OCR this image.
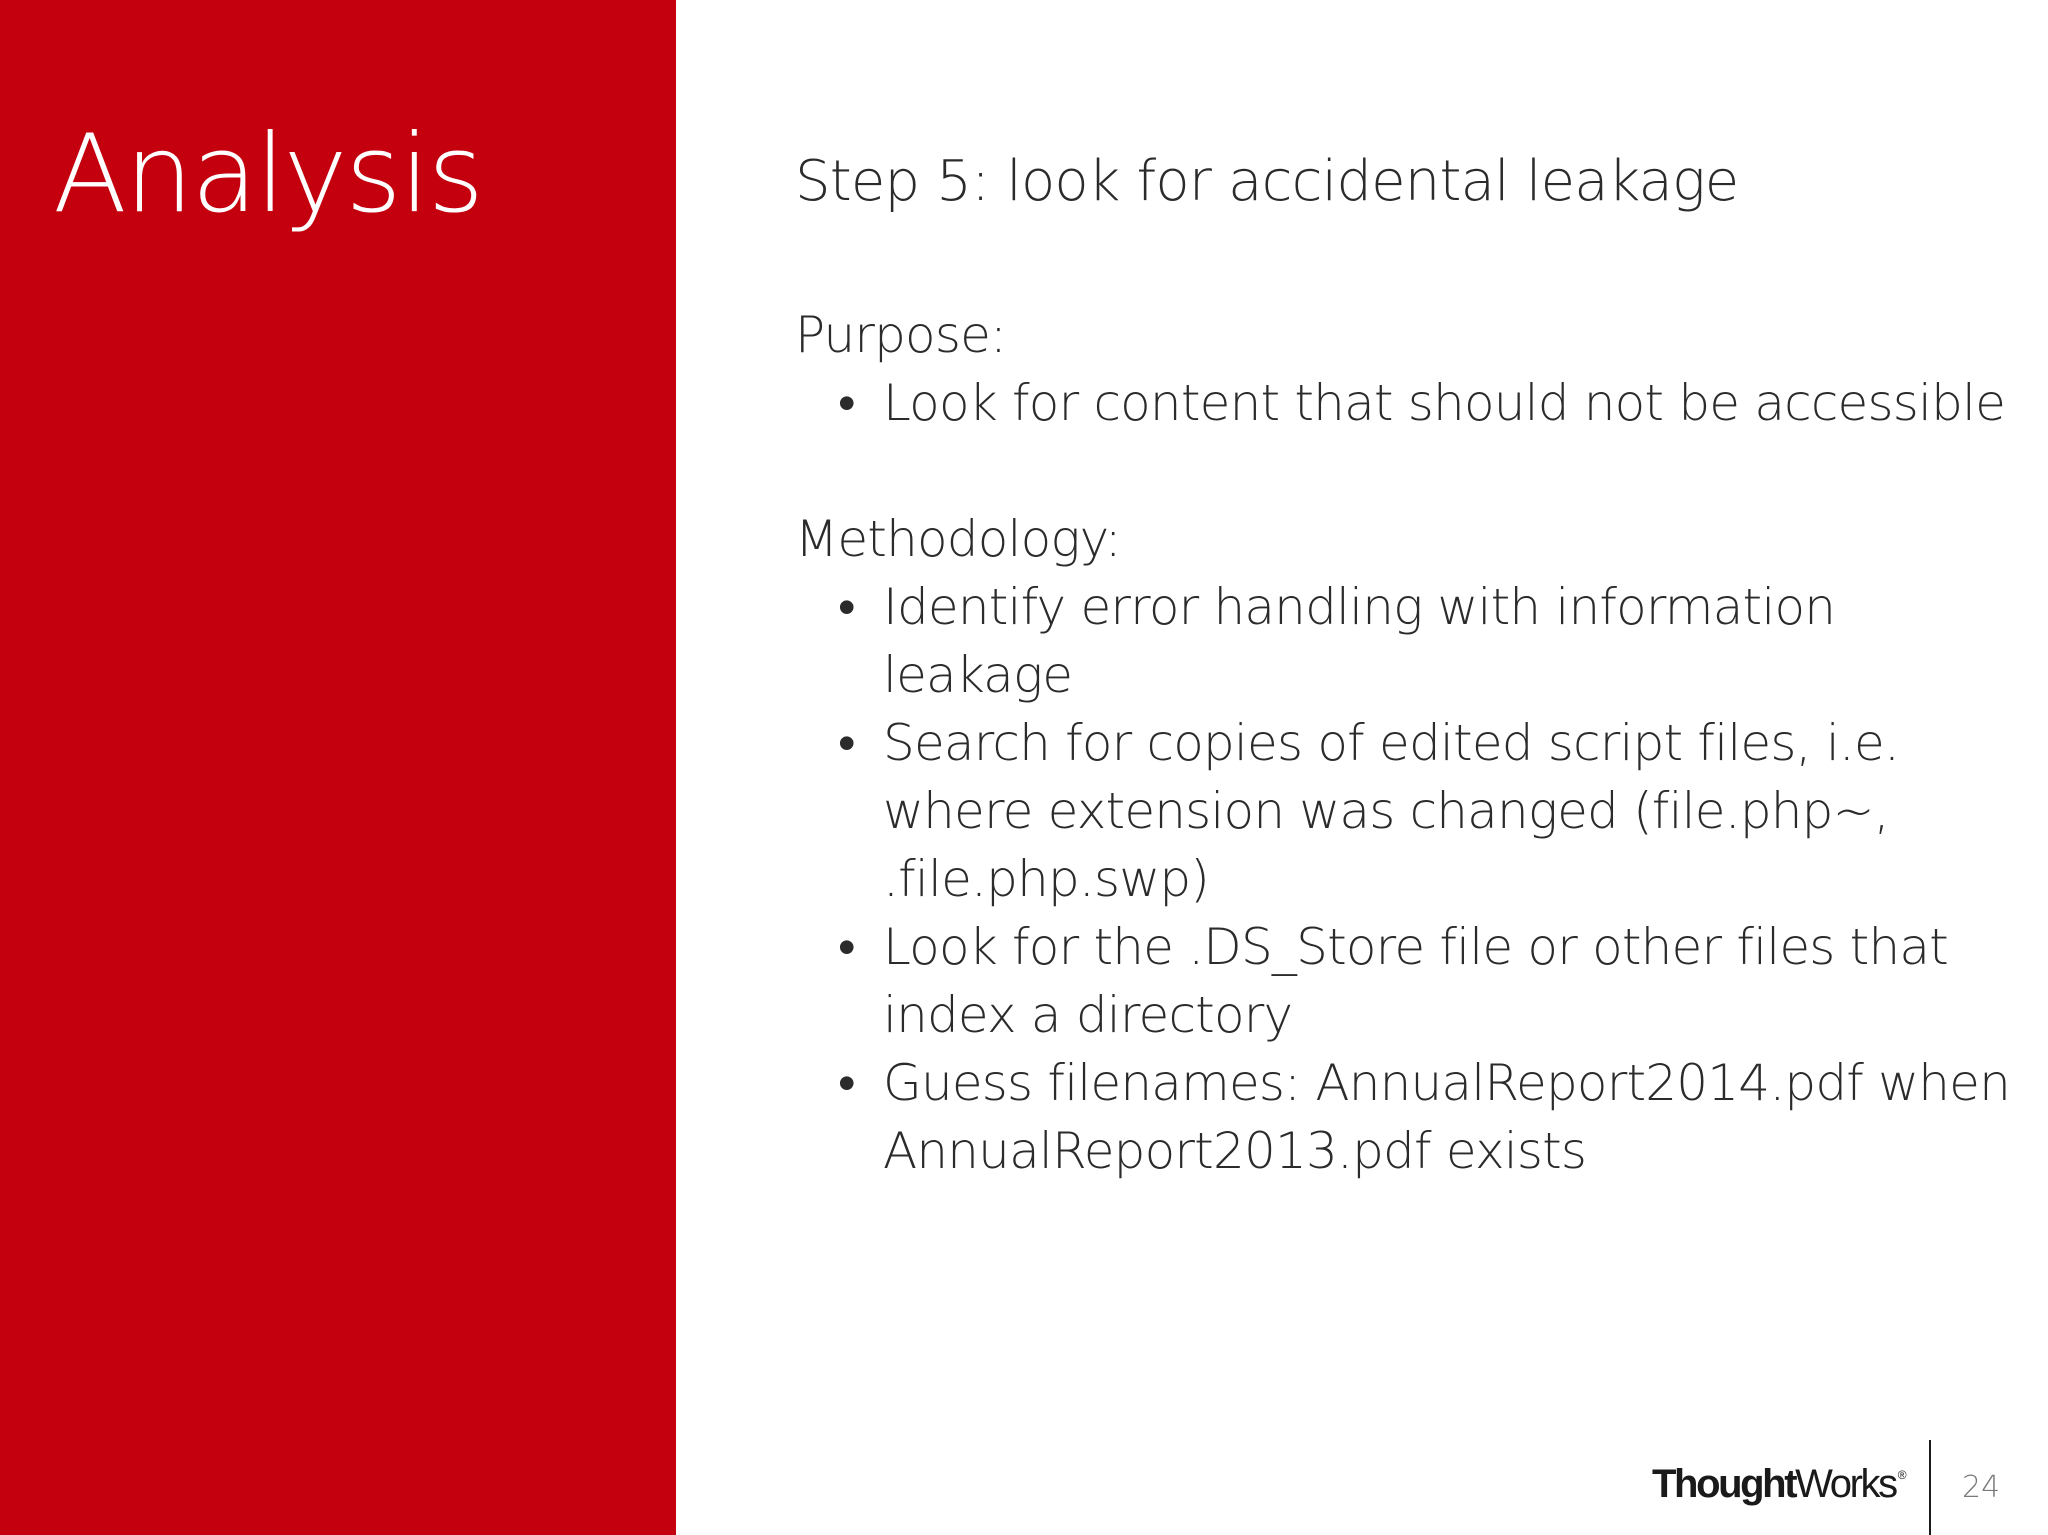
Analysis	Step 5: look for accidental leakage

Purpose:

• Look for content that should not be accessible

Methodology:

• Identify error handling with information
leakage
• Search for copies of edited script files, i.e.
where extension was changed (file.php~,
.file.php.swp)
• Look for the .DS_Store file or other files that
index a directory
• Guess filenames: AnnualReport2014.pdf when
AnnualReport2013.pdf exists
ThoughtWorks ® 24
